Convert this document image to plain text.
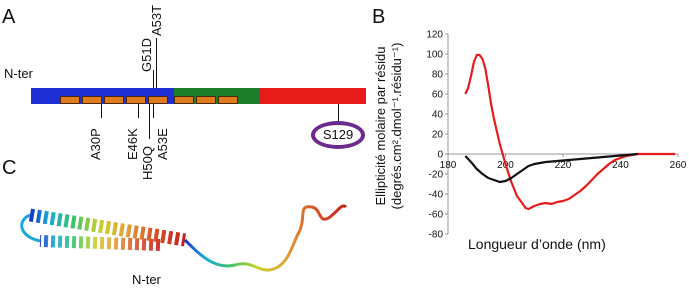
A
N-ter
G51D
A53T
A30P E46K
H50Q
A53E	S129
C
N-ter
B
Ellipticité molaire par résidu (degrés.cm².dmol⁻¹.résidu⁻¹)
-80
-60
-40
-20
0
20
40
60
80
100
120
180	200	220	240	260
Longueur d’onde (nm)
